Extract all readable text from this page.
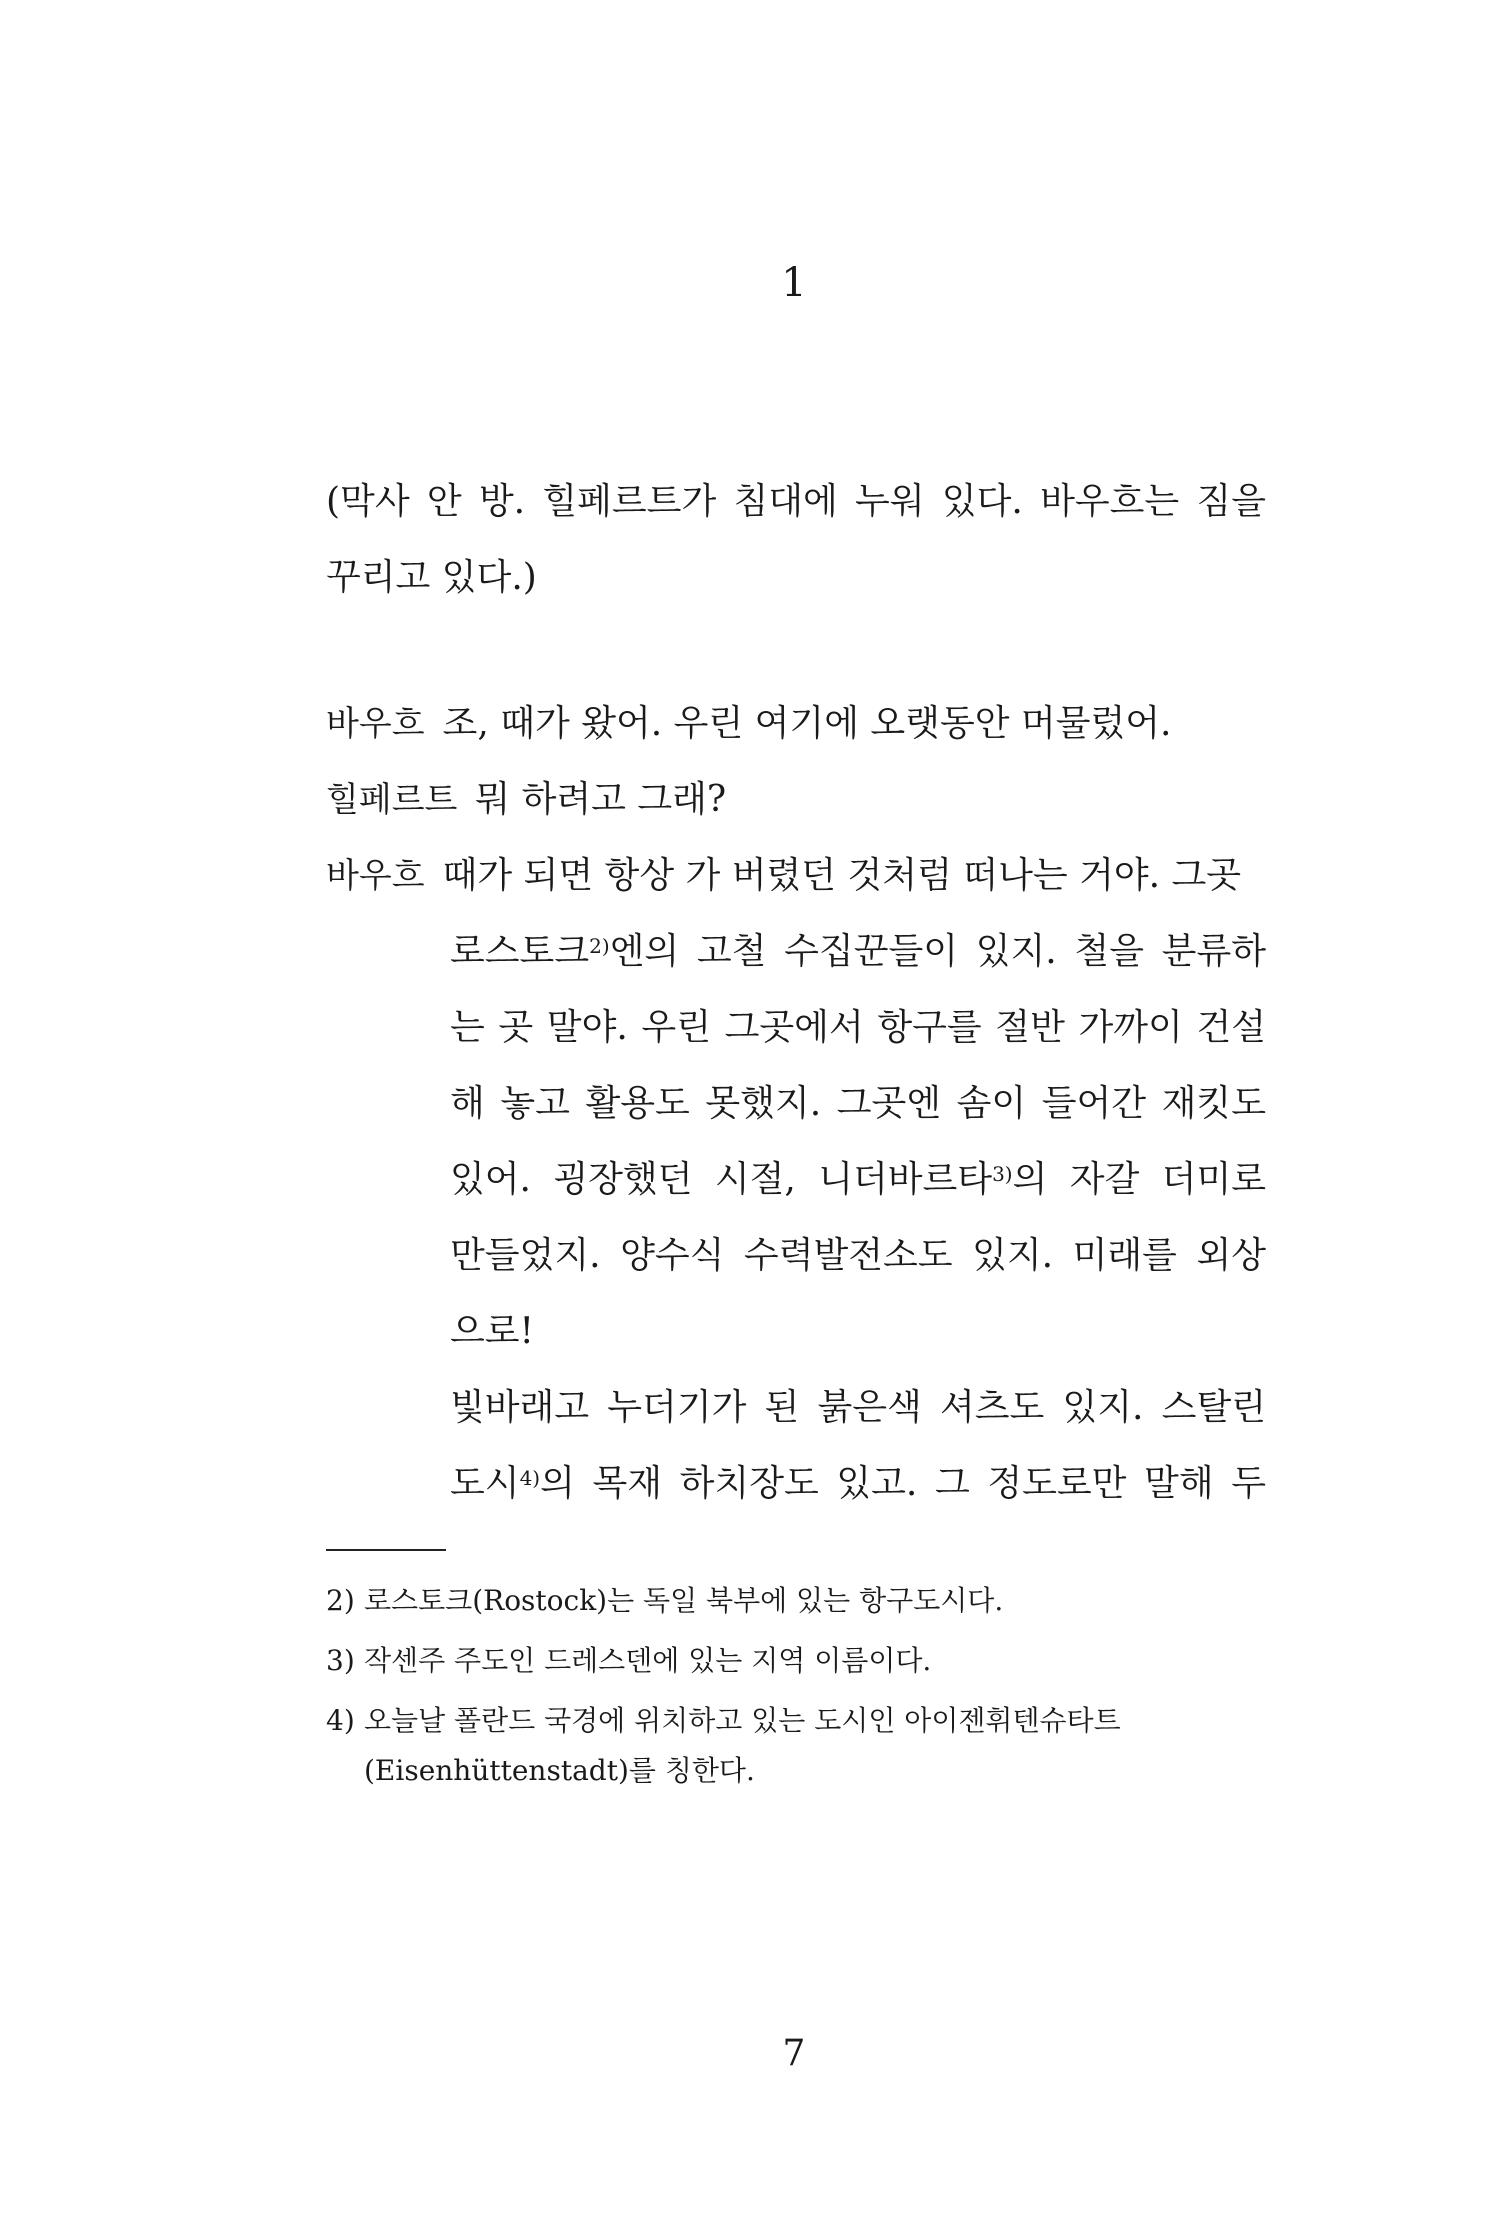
1
(막사 안 방. 힐페르트가 침대에 누워 있다. 바우흐는 짐을
꾸리고 있다.)
바우흐 조, 때가 왔어. 우린 여기에 오랫동안 머물렀어.
힐페르트 뭐 하려고 그래?
바우흐 때가 되면 항상 가 버렸던 것처럼 떠나는 거야. 그곳
로스토크$^{2)}$엔의 고철 수집꾼들이 있지. 철을 분류하
는 곳 말야. 우린 그곳에서 항구를 절반 가까이 건설
해 놓고 활용도 못했지. 그곳엔 솜이 들어간 재킷도
있어. 굉장했던 시절, 니더바르타$^{3)}$의 자갈 더미로
만들었지. 양수식 수력발전소도 있지. 미래를 외상
으로!
빛바래고 누더기가 된 붉은색 셔츠도 있지. 스탈린
도시$^{4)}$의 목재 하치장도 있고. 그 정도로만 말해 두
2) 로스토크(Rostock)는 독일 북부에 있는 항구도시다.
3) 작센주 주도인 드레스덴에 있는 지역 이름이다.
4) 오늘날 폴란드 국경에 위치하고 있는 도시인 아이젠휘텐슈타트
(Eisenhüttenstadt)를 칭한다.
7
